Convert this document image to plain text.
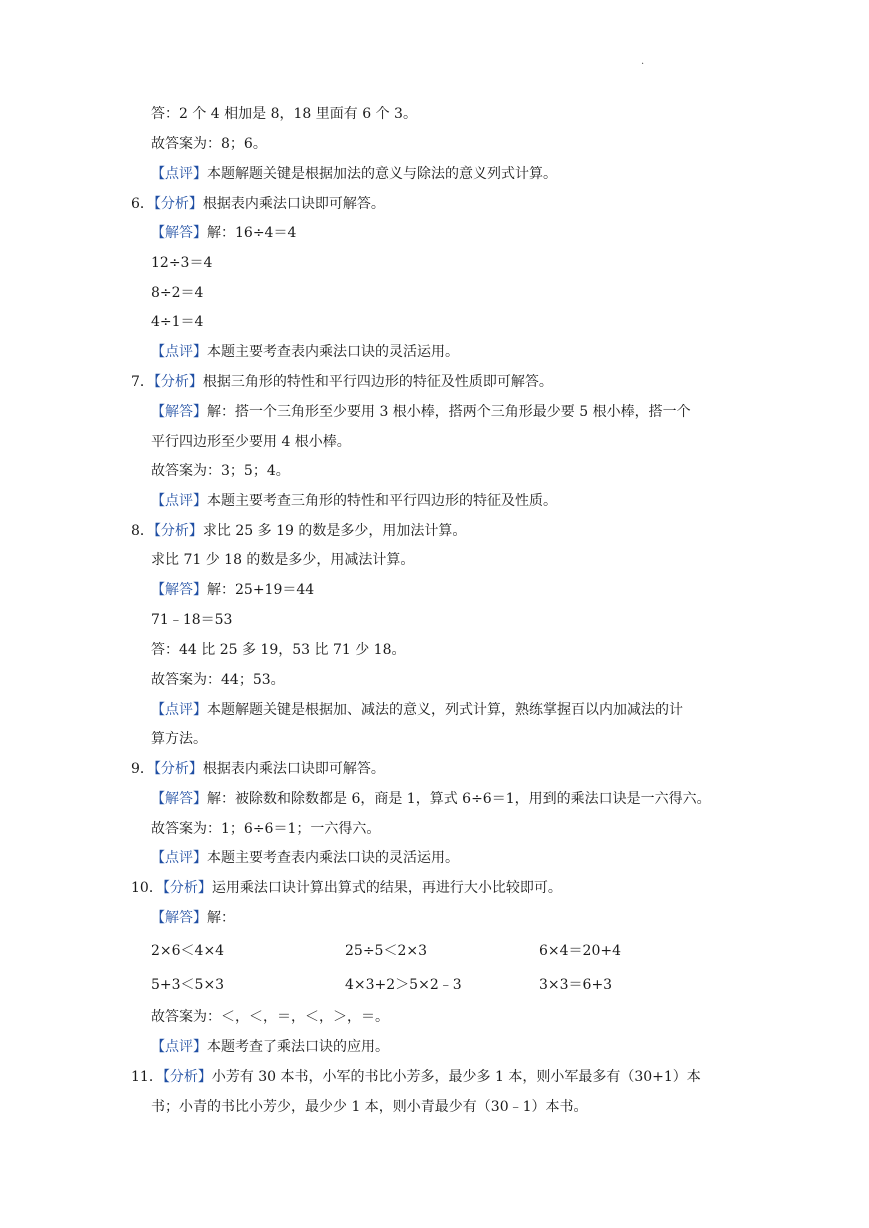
.
答：2 个 4 相加是 8，18 里面有 6 个 3。
故答案为：8；6。
【点评】本题解题关键是根据加法的意义与除法的意义列式计算。
6．【分析】根据表内乘法口诀即可解答。
【解答】解：16÷4＝4
12÷3＝4
8÷2＝4
4÷1＝4
【点评】本题主要考查表内乘法口诀的灵活运用。
7．【分析】根据三角形的特性和平行四边形的特征及性质即可解答。
【解答】解：搭一个三角形至少要用 3 根小棒，搭两个三角形最少要 5 根小棒，搭一个
平行四边形至少要用 4 根小棒。
故答案为：3；5；4。
【点评】本题主要考查三角形的特性和平行四边形的特征及性质。
8．【分析】求比 25 多 19 的数是多少，用加法计算。
求比 71 少 18 的数是多少，用减法计算。
【解答】解：25+19＝44
71﹣18＝53
答：44 比 25 多 19，53 比 71 少 18。
故答案为：44；53。
【点评】本题解题关键是根据加、减法的意义，列式计算，熟练掌握百以内加减法的计
算方法。
9．【分析】根据表内乘法口诀即可解答。
【解答】解：被除数和除数都是 6，商是 1，算式 6÷6＝1，用到的乘法口诀是一六得六。
故答案为：1；6÷6＝1；一六得六。
【点评】本题主要考查表内乘法口诀的灵活运用。
10．【分析】运用乘法口诀计算出算式的结果，再进行大小比较即可。
【解答】解：
2×6＜4×4	25÷5＜2×3	6×4＝20+4
5+3＜5×3	4×3+2＞5×2﹣3	3×3＝6+3
故答案为：＜，＜，＝，＜，＞，＝。
【点评】本题考查了乘法口诀的应用。
11．【分析】小芳有 30 本书，小军的书比小芳多，最少多 1 本，则小军最多有（30+1）本
书；小青的书比小芳少，最少少 1 本，则小青最少有（30﹣1）本书。
